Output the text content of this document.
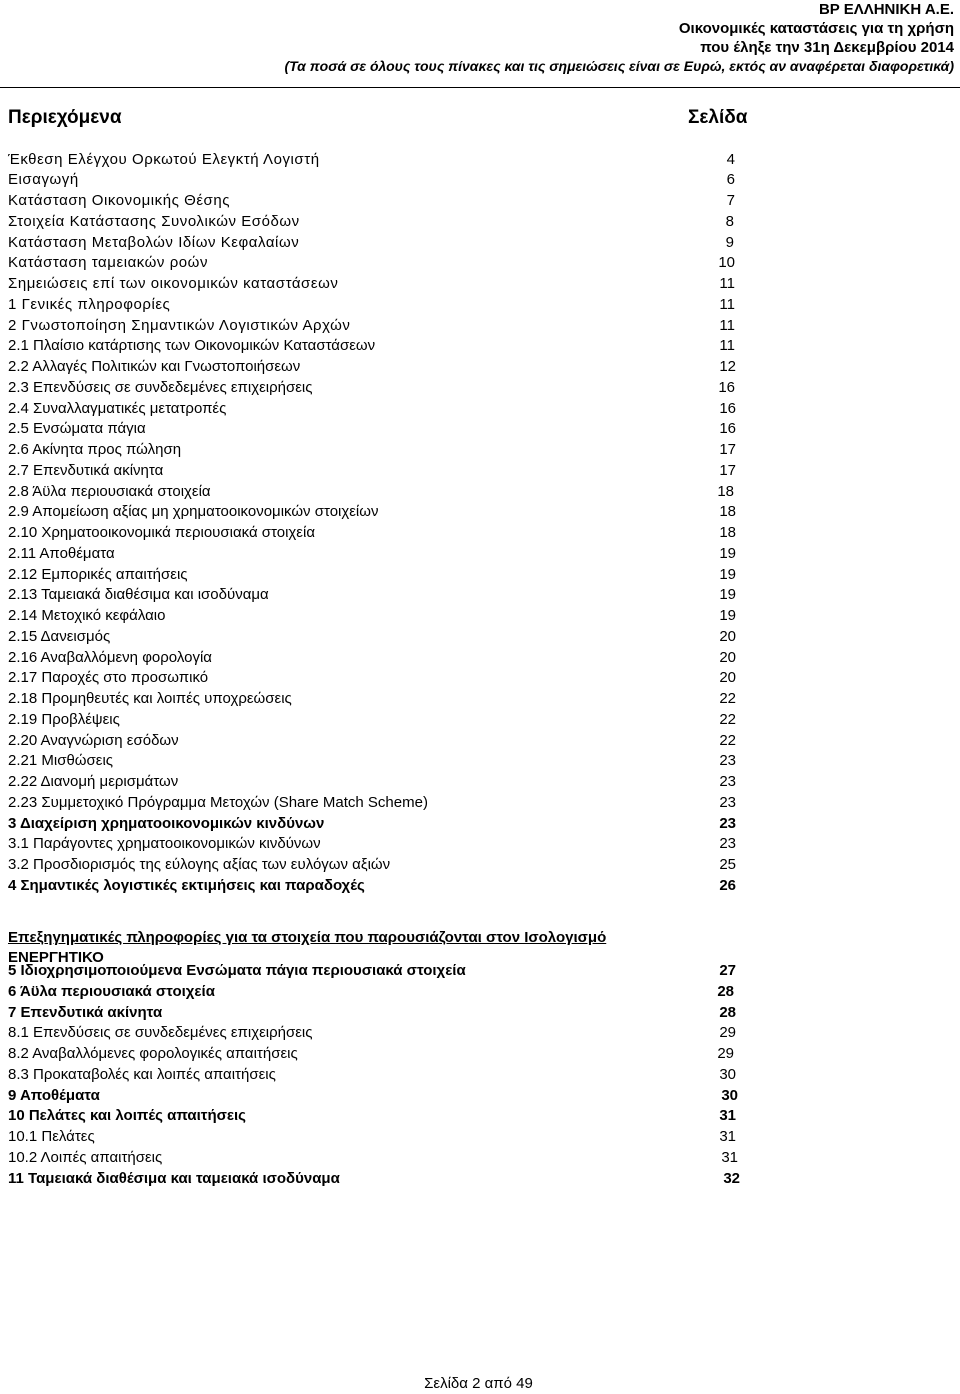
BP ΕΛΛΗΝΙΚΗ Α.Ε.
Οικονομικές καταστάσεις για τη χρήση
που έληξε την 31η Δεκεμβρίου 2014
(Τα ποσά σε όλους τους πίνακες και τις σημειώσεις είναι σε Ευρώ, εκτός αν αναφέρεται διαφορετικά)
Περιεχόμενα	Σελίδα
Έκθεση Ελέγχου Ορκωτού Ελεγκτή Λογιστή	4
Εισαγωγή	6
Κατάσταση Οικονομικής Θέσης	7
Στοιχεία Κατάστασης Συνολικών Εσόδων	8
Κατάσταση Μεταβολών Ιδίων Κεφαλαίων	9
Κατάσταση ταμειακών ροών	10
Σημειώσεις επί των οικονομικών καταστάσεων	11
1 Γενικές πληροφορίες	11
2 Γνωστοποίηση Σημαντικών Λογιστικών Αρχών	11
2.1 Πλαίσιο κατάρτισης των Οικονομικών Καταστάσεων	11
2.2 Αλλαγές Πολιτικών και Γνωστοποιήσεων	12
2.3 Επενδύσεις σε συνδεδεμένες επιχειρήσεις	16
2.4 Συναλλαγματικές μετατροπές	16
2.5 Ενσώματα πάγια	16
2.6 Ακίνητα προς πώληση	17
2.7 Επενδυτικά ακίνητα	17
2.8 Άϋλα περιουσιακά στοιχεία	18
2.9 Απομείωση αξίας μη χρηματοοικονομικών στοιχείων	18
2.10 Χρηματοοικονομικά περιουσιακά στοιχεία	18
2.11 Αποθέματα	19
2.12 Εμπορικές απαιτήσεις	19
2.13 Ταμειακά διαθέσιμα και ισοδύναμα	19
2.14 Μετοχικό κεφάλαιο	19
2.15 Δανεισμός	20
2.16 Αναβαλλόμενη φορολογία	20
2.17 Παροχές στο προσωπικό	20
2.18 Προμηθευτές και λοιπές υποχρεώσεις	22
2.19 Προβλέψεις	22
2.20 Αναγνώριση εσόδων	22
2.21 Μισθώσεις	23
2.22 Διανομή μερισμάτων	23
2.23 Συμμετοχικό Πρόγραμμα Μετοχών (Share Match Scheme)	23
3 Διαχείριση χρηματοοικονομικών κινδύνων	23
3.1 Παράγοντες χρηματοοικονομικών κινδύνων	23
3.2 Προσδιορισμός της εύλογης αξίας των ευλόγων αξιών	25
4 Σημαντικές λογιστικές εκτιμήσεις και παραδοχές	26
5 Ιδιοχρησιμοποιούμενα Ενσώματα πάγια περιουσιακά στοιχεία	27
6 Άϋλα περιουσιακά στοιχεία	28
7 Επενδυτικά ακίνητα	28
8.1 Επενδύσεις σε συνδεδεμένες επιχειρήσεις	29
8.2 Αναβαλλόμενες φορολογικές απαιτήσεις	29
8.3 Προκαταβολές και λοιπές απαιτήσεις	30
9 Αποθέματα	30
10 Πελάτες και λοιπές απαιτήσεις	31
10.1 Πελάτες	31
10.2 Λοιπές απαιτήσεις	31
11 Ταμειακά διαθέσιμα και ταμειακά ισοδύναμα	32
Επεξηγηματικές πληροφορίες για τα στοιχεία που παρουσιάζονται στον Ισολογισμό
ΕΝΕΡΓΗΤΙΚΟ
Σελίδα 2 από 49
